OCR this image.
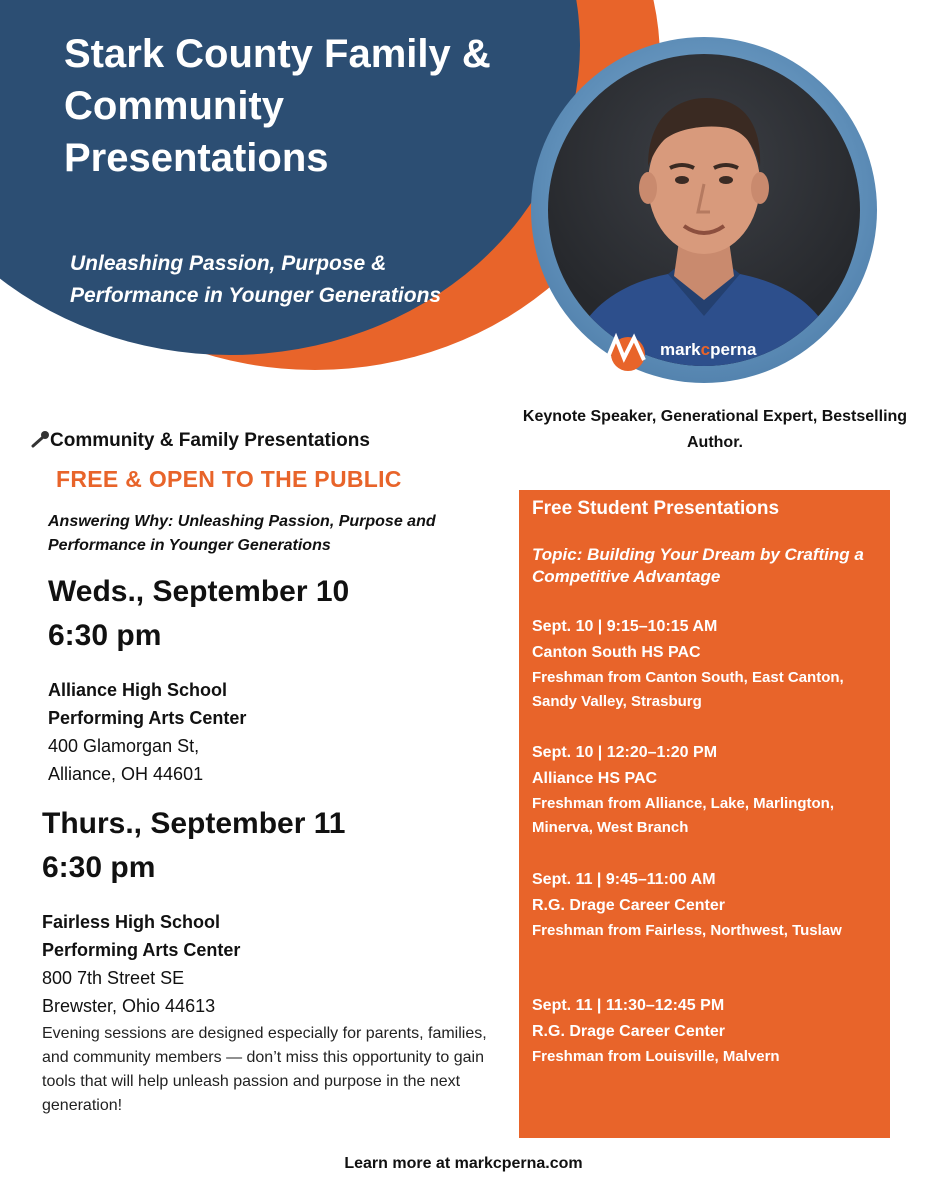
Stark County Family & Community Presentations

Unleashing Passion, Purpose & Performance in Younger Generations

markcperna

Keynote Speaker, Generational Expert, Bestselling Author.

Community & Family Presentations

FREE & OPEN TO THE PUBLIC

Answering Why: Unleashing Passion, Purpose and Performance in Younger Generations

Weds., September 10

6:30 pm

Alliance High School
Performing Arts Center

400 Glamorgan St,

Alliance, OH 44601

Thurs., September 11

6:30 pm

Fairless High School
Performing Arts Center

800 7th Street SE

Brewster, Ohio 44613

Evening sessions are designed especially for parents, families, and community members — don’t miss this opportunity to gain tools that will help unleash passion and purpose in the next generation!

Free Student Presentations

Topic: Building Your Dream by Crafting a Competitive Advantage

Sept. 10 | 9:15–10:15 AM

Canton South HS PAC

Freshman from Canton South, East Canton, Sandy Valley, Strasburg

Sept. 10 | 12:20–1:20 PM

Alliance HS PAC

Freshman from Alliance, Lake, Marlington, Minerva, West Branch

Sept. 11 | 9:45–11:00 AM

R.G. Drage Career Center

Freshman from Fairless, Northwest, Tuslaw

Sept. 11 | 11:30–12:45 PM

R.G. Drage Career Center

Freshman from Louisville, Malvern

Learn more at markcperna.com
